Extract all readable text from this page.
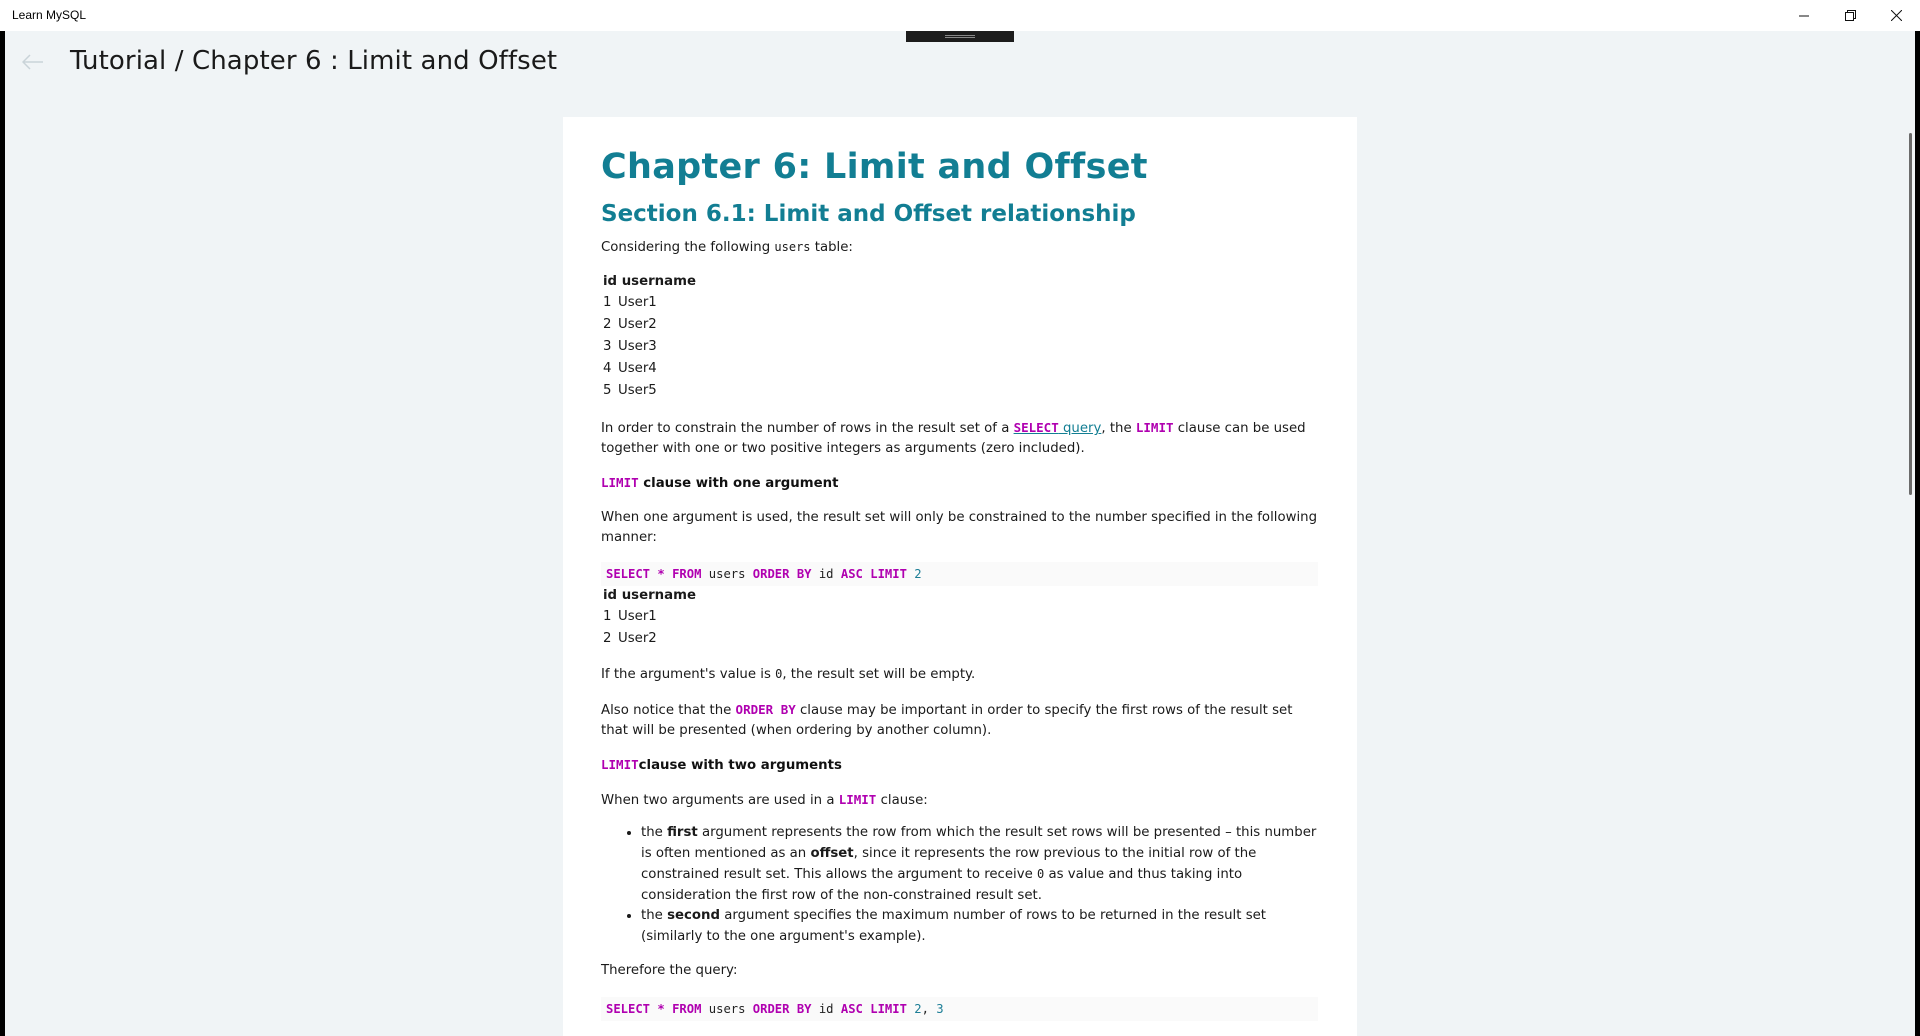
Learn MySQL
Tutorial / Chapter 6 : Limit and Offset
Chapter 6: Limit and Offset
Section 6.1: Limit and Offset relationship

Considering the following users table:

id username
1 User1
2 User2
3 User3
4 User4
5 User5

In order to constrain the number of rows in the result set of a SELECT query, the LIMIT clause can be used together with one or two positive integers as arguments (zero included).

LIMIT clause with one argument

When one argument is used, the result set will only be constrained to the number specified in the following manner:

SELECT * FROM users ORDER BY id ASC LIMIT 2
id username
1 User1
2 User2

If the argument's value is 0, the result set will be empty.

Also notice that the ORDER BY clause may be important in order to specify the first rows of the result set that will be presented (when ordering by another column).

LIMITclause with two arguments

When two arguments are used in a LIMIT clause:

• the first argument represents the row from which the result set rows will be presented – this number is often mentioned as an offset, since it represents the row previous to the initial row of the constrained result set. This allows the argument to receive 0 as value and thus taking into consideration the first row of the non-constrained result set.
• the second argument specifies the maximum number of rows to be returned in the result set (similarly to the one argument's example).

Therefore the query:

SELECT * FROM users ORDER BY id ASC LIMIT 2, 3
